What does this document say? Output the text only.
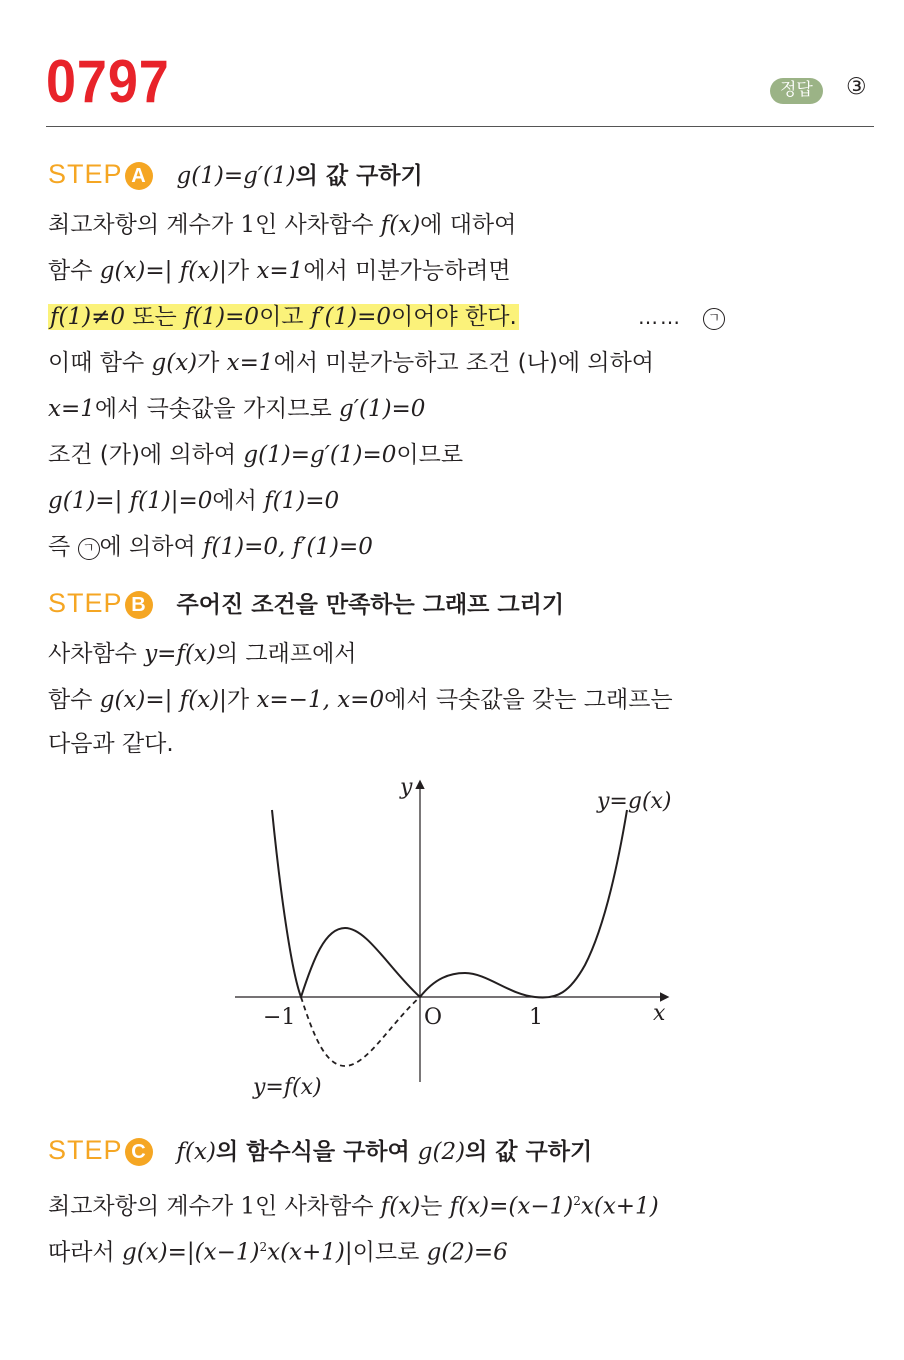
0797	정답	③
STEP A g(1)=g′(1)의 값 구하기
최고차항의 계수가 1인 사차함수 f(x)에 대하여
함수 g(x)=| f(x)|가 x=1에서 미분가능하려면
f(1)≠0 또는 f(1)=0이고 f′(1)=0이어야 한다.	……	ㄱ
이때 함수 g(x)가 x=1에서 미분가능하고 조건 (나)에 의하여
x=1에서 극솟값을 가지므로 g′(1)=0
조건 (가)에 의하여 g(1)=g′(1)=0이므로
g(1)=| f(1)|=0에서 f(1)=0
즉 ㄱ 에 의하여 f(1)=0, f′(1)=0
STEP B 주어진 조건을 만족하는 그래프 그리기
사차함수 y=f(x)의 그래프에서
함수 g(x)=| f(x)|가 x=−1, x=0에서 극솟값을 갖는 그래프는
다음과 같다.
y
x
−1	O	1
y=g(x)
y=f(x)
STEP C f(x)의 함수식을 구하여 g(2)의 값 구하기
최고차항의 계수가 1인 사차함수 f(x)는 $f(x)=(x-1)^2x(x+1)$
따라서 $g(x)=|(x-1)^2x(x+1)|$이므로 g(2)=6
